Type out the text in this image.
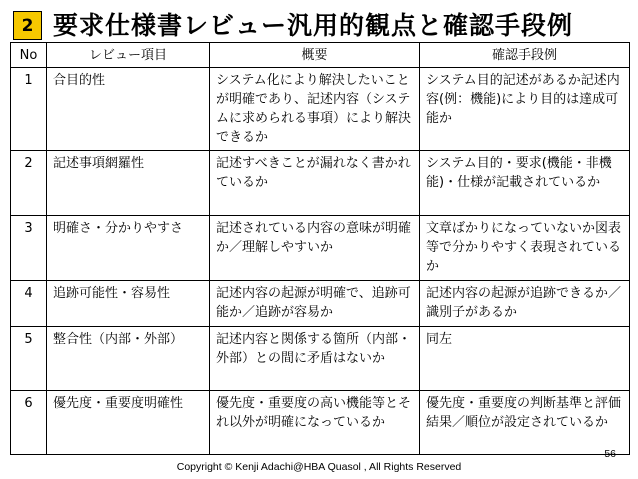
2 要求仕様書レビュー汎用的観点と確認手段例
No	レビュー項目	概要	確認手段例
1	合目的性	システム化により解決したいことが明確であり、記述内容（システムに求められる事項）により解決できるか	システム目的記述があるか記述内容(例：機能)により目的は達成可能か
2	記述事項網羅性	記述すべきことが漏れなく書かれているか	システム目的・要求(機能・非機能)・仕様が記載されているか
3	明確さ・分かりやすさ	記述されている内容の意味が明確か／理解しやすいか	文章ばかりになっていないか図表等で分かりやすく表現されているか
4	追跡可能性・容易性	記述内容の起源が明確で、追跡可能か／追跡が容易か	記述内容の起源が追跡できるか／識別子があるか
5	整合性（内部・外部）	記述内容と関係する箇所（内部・外部）との間に矛盾はないか	同左
6	優先度・重要度明確性	優先度・重要度の高い機能等とそれ以外が明確になっているか	優先度・重要度の判断基準と評価結果／順位が設定されているか
56
Copyright © Kenji Adachi@HBA Quasol , All Rights Reserved
